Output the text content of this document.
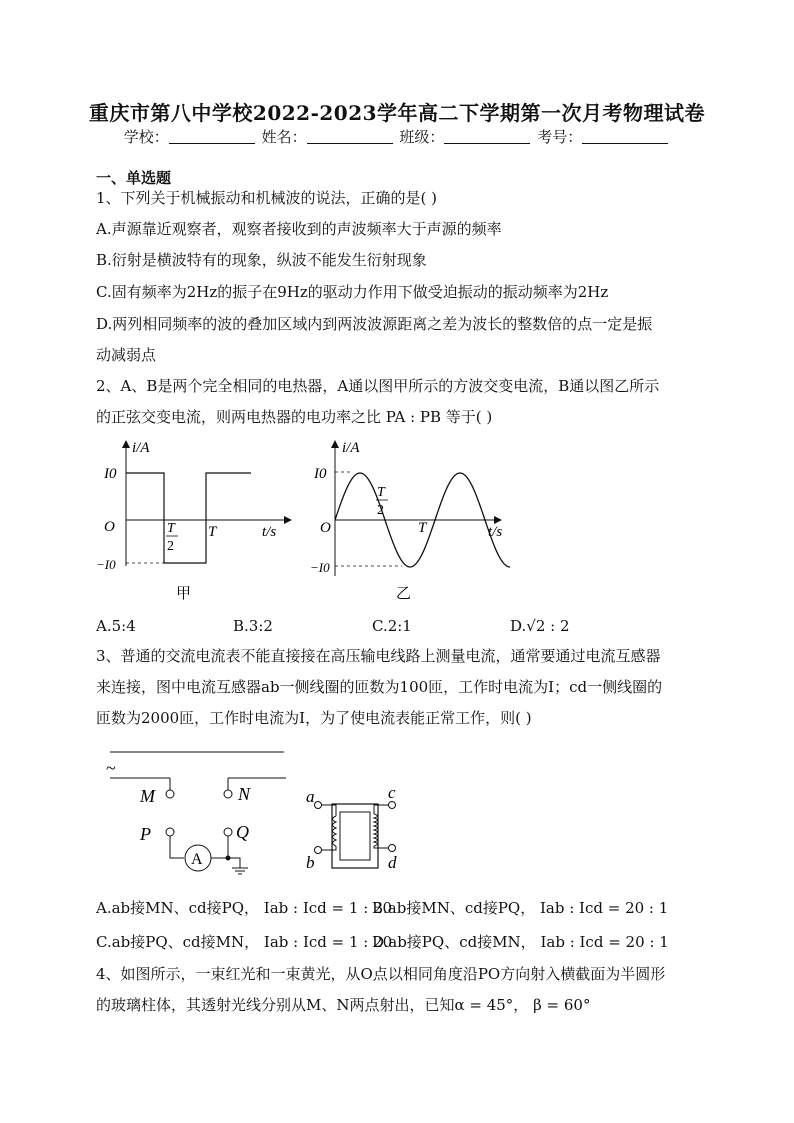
重庆市第八中学校2022-2023学年高二下学期第一次月考物理试卷
学校：	姓名：	班级：	考号：
一、单选题
1、下列关于机械振动和机械波的说法，正确的是( )
A.声源靠近观察者，观察者接收到的声波频率大于声源的频率
B.衍射是横波特有的现象，纵波不能发生衍射现象
C.固有频率为2Hz的振子在9Hz的驱动力作用下做受迫振动的振动频率为2Hz
D.两列相同频率的波的叠加区域内到两波波源距离之差为波长的整数倍的点一定是振
动减弱点
2、A、B是两个完全相同的电热器，A通以图甲所示的方波交变电流，B通以图乙所示
的正弦交变电流，则两电热器的电功率之比 PA : PB 等于( )
i/A
I0
O
−I0
t/s
T
T
2
甲
i/A
I0
O
−I0
t/s
T
T
2
乙
A.5:4	B.3:2	C.2:1	D.√2 : 2
3、普通的交流电流表不能直接接在高压输电线路上测量电流，通常要通过电流互感器
来连接，图中电流互感器ab一侧线圈的匝数为100匝，工作时电流为I；cd一侧线圈的
匝数为2000匝，工作时电流为I，为了使电流表能正常工作，则( )
~
M	N
P	Q
A
a
b
c
d
A.ab接MN、cd接PQ， Iab : Icd = 1 : 20
B.ab接MN、cd接PQ， Iab : Icd = 20 : 1
C.ab接PQ、cd接MN， Iab : Icd = 1 : 20
D.ab接PQ、cd接MN， Iab : Icd = 20 : 1
4、如图所示，一束红光和一束黄光，从O点以相同角度沿PO方向射入横截面为半圆形
的玻璃柱体，其透射光线分别从M、N两点射出，已知α = 45°， β = 60°
